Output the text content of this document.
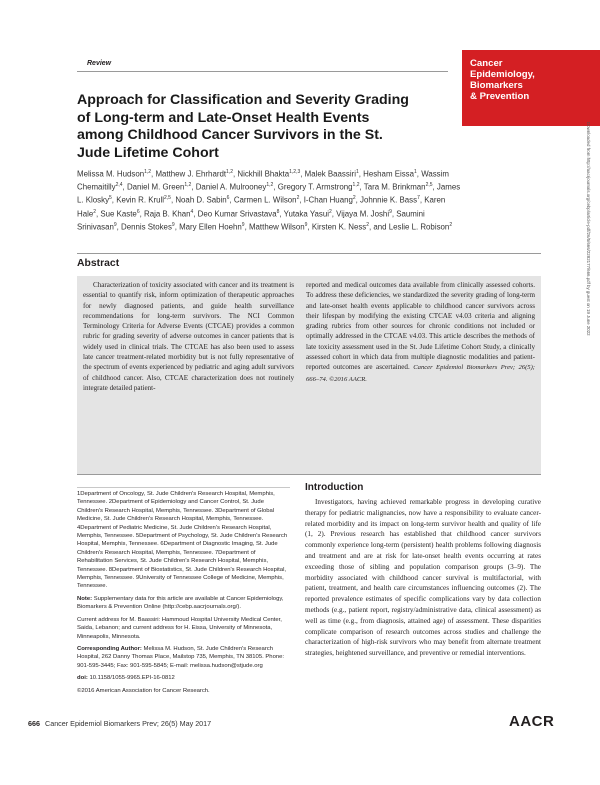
Review	Cancer
Epidemiology,
Biomarkers
& Prevention
Approach for Classification and Severity Grading of Long-term and Late-Onset Health Events among Childhood Cancer Survivors in the St. Jude Lifetime Cohort
Melissa M. Hudson$^{1,2}$, Matthew J. Ehrhardt$^{1,2}$, Nickhill Bhakta$^{1,2,3}$, Malek Baassiri$^1$, Hesham Eissa$^1$, Wassim Chemaitilly$^{2,4}$, Daniel M. Green$^{1,2}$, Daniel A. Mulrooney$^{1,2}$, Gregory T. Armstrong$^{1,2}$, Tara M. Brinkman$^{2,5}$, James L. Klosky$^5$, Kevin R. Krull$^{2,5}$, Noah D. Sabin$^6$, Carmen L. Wilson$^2$, I-Chan Huang$^2$, Johnnie K. Bass$^7$, Karen Hale$^2$, Sue Kaste$^6$, Raja B. Khan$^4$, Deo Kumar Srivastava$^8$, Yutaka Yasui$^2$, Vijaya M. Joshi$^9$, Saumini Srinivasan$^9$, Dennis Stokes$^9$, Mary Ellen Hoehn$^9$, Matthew Wilson$^9$, Kirsten K. Ness$^2$, and Leslie L. Robison$^2$	Downloaded from http://aacrjournals.org/cebp/article-pdf/26/5/666/2282177/666.pdf by guest on 19 June 2022
Abstract
Characterization of toxicity associated with cancer and its treatment is essential to quantify risk, inform optimization of therapeutic approaches for newly diagnosed patients, and guide health surveillance recommendations for long-term survivors. The NCI Common Terminology Criteria for Adverse Events (CTCAE) provides a common rubric for grading severity of adverse outcomes in cancer patients that is widely used in clinical trials. The CTCAE has also been used to assess late cancer treatment-related morbidity but is not fully representative of the spectrum of events experienced by pediatric and aging adult survivors of childhood cancer. Also, CTCAE characterization does not routinely integrate detailed patient-
reported and medical outcomes data available from clinically assessed cohorts. To address these deficiencies, we standardized the severity grading of long-term and late-onset health events applicable to childhood cancer survivors across their lifespan by modifying the existing CTCAE v4.03 criteria and aligning grading rubrics from other sources for chronic conditions not included or optimally addressed in the CTCAE v4.03. This article describes the methods of late toxicity assessment used in the St. Jude Lifetime Cohort Study, a clinically assessed cohort in which data from multiple diagnostic modalities and patient-reported outcomes are ascertained. Cancer Epidemiol Biomarkers Prev; 26(5); 666–74. ©2016 AACR.

1Department of Oncology, St. Jude Children's Research Hospital, Memphis, Tennessee. 2Department of Epidemiology and Cancer Control, St. Jude Children's Research Hospital, Memphis, Tennessee. 3Department of Global Medicine, St. Jude Children's Research Hospital, Memphis, Tennessee. 4Department of Pediatric Medicine, St. Jude Children's Research Hospital, Memphis, Tennessee. 5Department of Psychology, St. Jude Children's Research Hospital, Memphis, Tennessee. 6Department of Diagnostic Imaging, St. Jude Children's Research Hospital, Memphis, Tennessee. 7Department of Rehabilitation Services, St. Jude Children's Research Hospital, Memphis, Tennessee. 8Department of Biostatistics, St. Jude Children's Research Hospital, Memphis, Tennessee. 9University of Tennessee College of Medicine, Memphis, Tennessee.

Note: Supplementary data for this article are available at Cancer Epidemiology, Biomarkers & Prevention Online (http://cebp.aacrjournals.org/).

Current address for M. Baassiri: Hammoud Hospital University Medical Center, Saida, Lebanon; and current address for H. Eissa, University of Minnesota, Minneapolis, Minnesota.

Corresponding Author: Melissa M. Hudson, St. Jude Children's Research Hospital, 262 Danny Thomas Place, Mailstop 735, Memphis, TN 38105. Phone: 901-595-3445; Fax: 901-595-5845; E-mail: melissa.hudson@stjude.org

doi: 10.1158/1055-9965.EPI-16-0812

©2016 American Association for Cancer Research.

Introduction
Investigators, having achieved remarkable progress in developing curative therapy for pediatric malignancies, now have a responsibility to evaluate cancer-related morbidity and its impact on long-term survivor health and quality of life (1, 2). Previous research has established that childhood cancer survivors commonly experience long-term (persistent) health problems following diagnosis and treatment and are at risk for late-onset health events occurring at rates exceeding those of sibling and population comparison groups (3–9). The morbidity associated with childhood cancer survival is multifactorial, with patient, treatment, and health care circumstances influencing outcomes (2). The reported prevalence estimates of specific complications vary by data collection methods (e.g., patient report, registry/administrative data, clinical assessment) as well as time (e.g., from diagnosis, attained age) of assessment. These disparities complicate comparison of research outcomes across studies and challenge the characterization of high-risk survivors who may benefit from alternate treatment strategies, heightened surveillance, and preventive or remedial interventions.
666 Cancer Epidemiol Biomarkers Prev; 26(5) May 2017	AACR
